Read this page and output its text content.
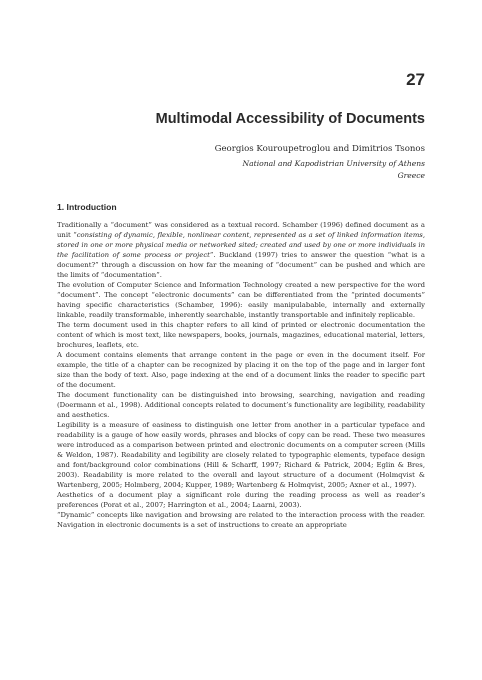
27
Multimodal Accessibility of Documents
Georgios Kouroupetroglou and Dimitrios Tsonos
National and Kapodistrian University of Athens
Greece
1. Introduction

Traditionally a “document” was considered as a textual record. Schamber (1996) defined document as a unit “consisting of dynamic, flexible, nonlinear content, represented as a set of linked information items, stored in one or more physical media or networked sited; created and used by one or more individuals in the facilitation of some process or project”. Buckland (1997) tries to answer the question “what is a document?” through a discussion on how far the meaning of “document” can be pushed and which are the limits of “documentation”.

The evolution of Computer Science and Information Technology created a new perspective for the word “document”. The concept “electronic documents” can be differentiated from the “printed documents” having specific characteristics (Schamber, 1996): easily manipulabable, internally and externally linkable, readily transformable, inherently searchable, instantly transportable and infinitely replicable.

The term document used in this chapter refers to all kind of printed or electronic documentation the content of which is most text, like newspapers, books, journals, magazines, educational material, letters, brochures, leaflets, etc.

A document contains elements that arrange content in the page or even in the document itself. For example, the title of a chapter can be recognized by placing it on the top of the page and in larger font size than the body of text. Also, page indexing at the end of a document links the reader to specific part of the document.

The document functionality can be distinguished into browsing, searching, navigation and reading (Doermann et al., 1998). Additional concepts related to document’s functionality are legibility, readability and aesthetics.

Legibility is a measure of easiness to distinguish one letter from another in a particular typeface and readability is a gauge of how easily words, phrases and blocks of copy can be read. These two measures were introduced as a comparison between printed and electronic documents on a computer screen (Mills & Weldon, 1987). Readability and legibility are closely related to typographic elements, typeface design and font/background color combinations (Hill & Scharff, 1997; Richard & Patrick, 2004; Eglin & Bres, 2003). Readability is more related to the overall and layout structure of a document (Holmqvist & Wartenberg, 2005; Holmberg, 2004; Kupper, 1989; Wartenberg & Holmqvist, 2005; Axner et al., 1997).

Aesthetics of a document play a significant role during the reading process as well as reader’s preferences (Porat et al., 2007; Harrington et al., 2004; Laarni, 2003).

“Dynamic” concepts like navigation and browsing are related to the interaction process with the reader. Navigation in electronic documents is a set of instructions to create an appropriate
